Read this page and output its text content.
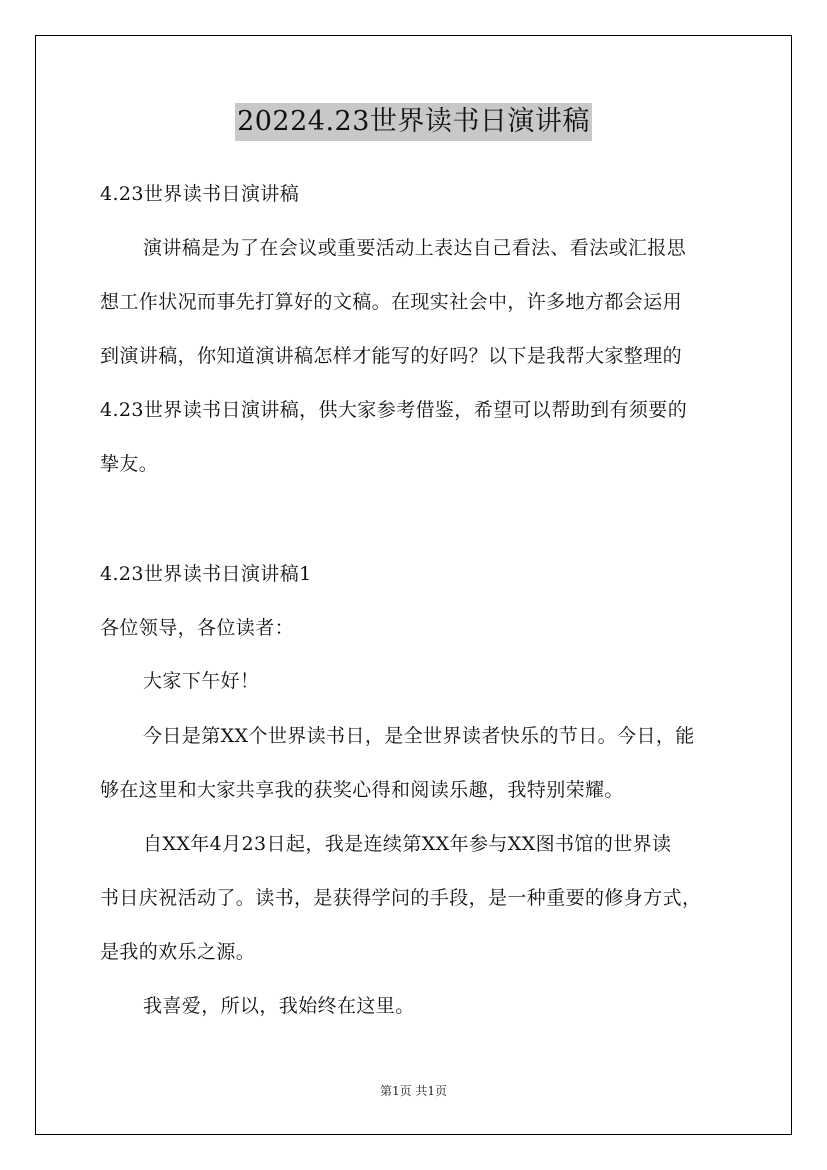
20224.23世界读书日演讲稿
4.23世界读书日演讲稿
演讲稿是为了在会议或重要活动上表达自己看法、看法或汇报思
想工作状况而事先打算好的文稿。在现实社会中，许多地方都会运用
到演讲稿，你知道演讲稿怎样才能写的好吗？以下是我帮大家整理的
4.23世界读书日演讲稿，供大家参考借鉴，希望可以帮助到有须要的
挚友。
4.23世界读书日演讲稿1
各位领导，各位读者：
大家下午好！
今日是第XX个世界读书日，是全世界读者快乐的节日。今日，能
够在这里和大家共享我的获奖心得和阅读乐趣，我特别荣耀。
自XX年4月23日起，我是连续第XX年参与XX图书馆的世界读
书日庆祝活动了。读书，是获得学问的手段，是一种重要的修身方式，
是我的欢乐之源。
我喜爱，所以，我始终在这里。
第1页 共1页
